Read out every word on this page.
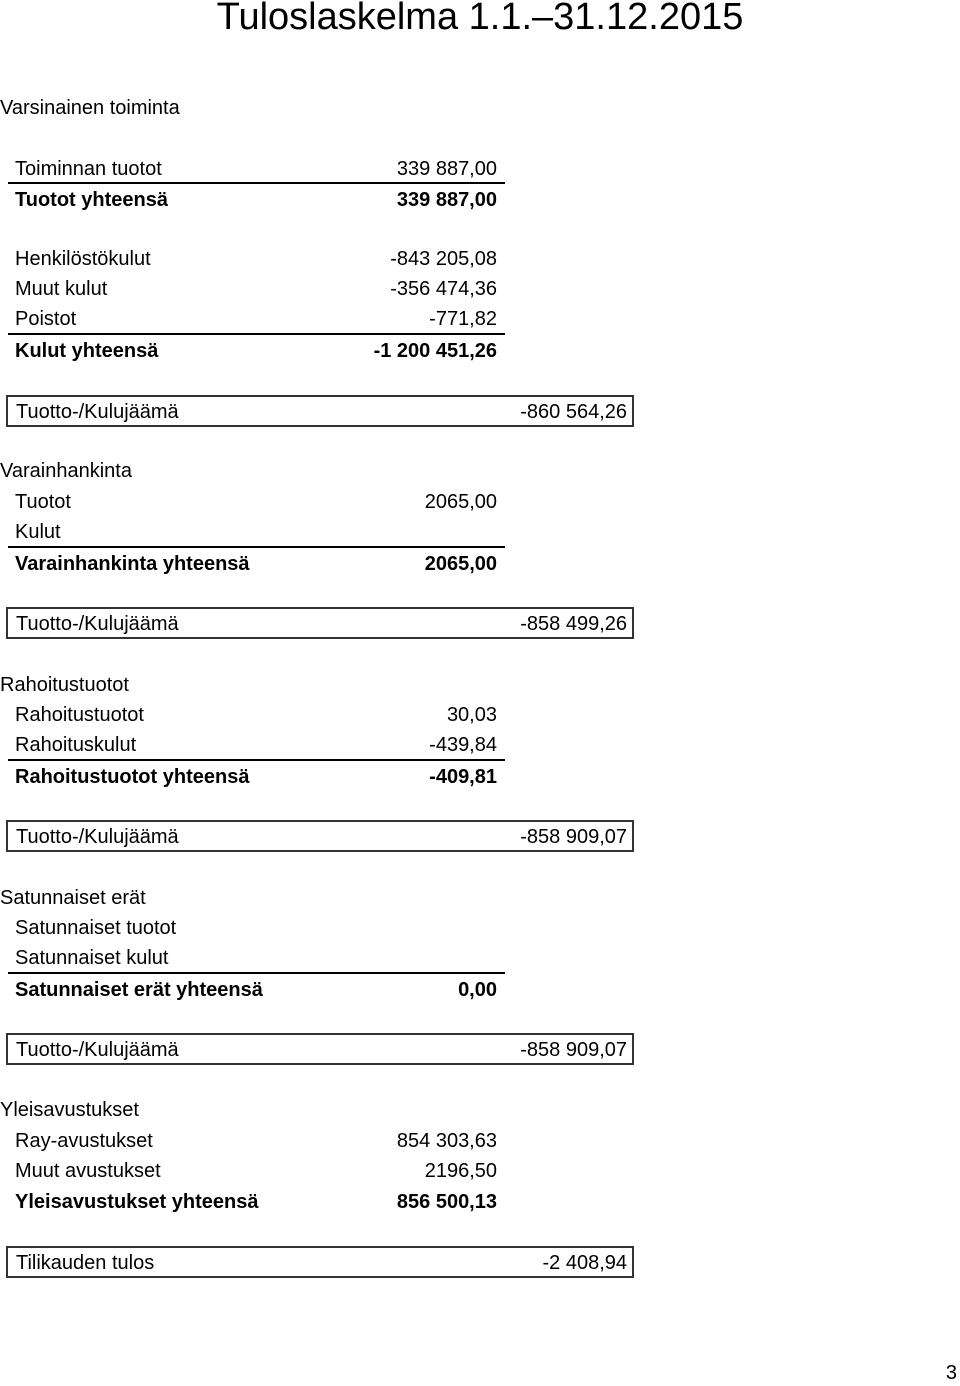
Tuloslaskelma 1.1.–31.12.2015
Varsinainen toiminta
Toiminnan tuotot	339 887,00
Tuotot yhteensä	339 887,00
Henkilöstökulut	-843 205,08
Muut kulut	-356 474,36
Poistot	-771,82
Kulut yhteensä	-1 200 451,26
Tuotto-/Kulujäämä	-860 564,26
Varainhankinta
Tuotot	2065,00
Kulut
Varainhankinta yhteensä	2065,00
Tuotto-/Kulujäämä	-858 499,26
Rahoitustuotot
Rahoitustuotot	30,03
Rahoituskulut	-439,84
Rahoitustuotot yhteensä	-409,81
Tuotto-/Kulujäämä	-858 909,07
Satunnaiset erät
Satunnaiset tuotot
Satunnaiset kulut
Satunnaiset erät yhteensä	0,00
Tuotto-/Kulujäämä	-858 909,07
Yleisavustukset
Ray-avustukset	854 303,63
Muut avustukset	2196,50
Yleisavustukset yhteensä	856 500,13
Tilikauden tulos	-2 408,94
3
